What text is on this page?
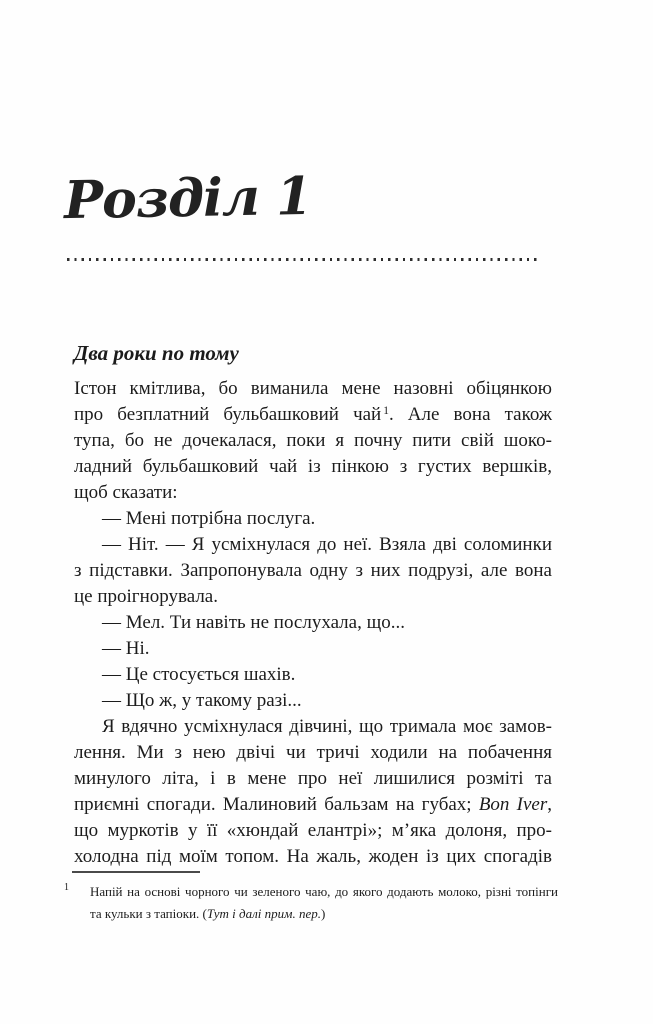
Розділ 1
Два роки по тому
Істон кмітлива, бо виманила мене назовні обіцянкою
про безплатний бульбашковий чай $^1$. Але вона також
тупа, бо не дочекалася, поки я почну пити свій шоко-
ладний бульбашковий чай із пінкою з густих вершків,
щоб сказати:
— Мені потрібна послуга.
— Ніт. — Я усміхнулася до неї. Взяла дві соломинки
з підставки. Запропонувала одну з них подрузі, але вона
це проігнорувала.
— Мел. Ти навіть не послухала, що...
— Ні.
— Це стосується шахів.
— Що ж, у такому разі...
Я вдячно усміхнулася дівчині, що тримала моє замов-
лення. Ми з нею двічі чи тричі ходили на побачення
минулого літа, і в мене про неї лишилися розміті та
приємні спогади. Малиновий бальзам на губах; Bon Iver,
що муркотів у її «хюндай елантрі»; м’яка долоня, про-
холодна під моїм топом. На жаль, жоден із цих спогадів
1 Напій на основі чорного чи зеленого чаю, до якого додають молоко, різні топінги
та кульки з тапіоки. (Тут і далі прим. пер.)
